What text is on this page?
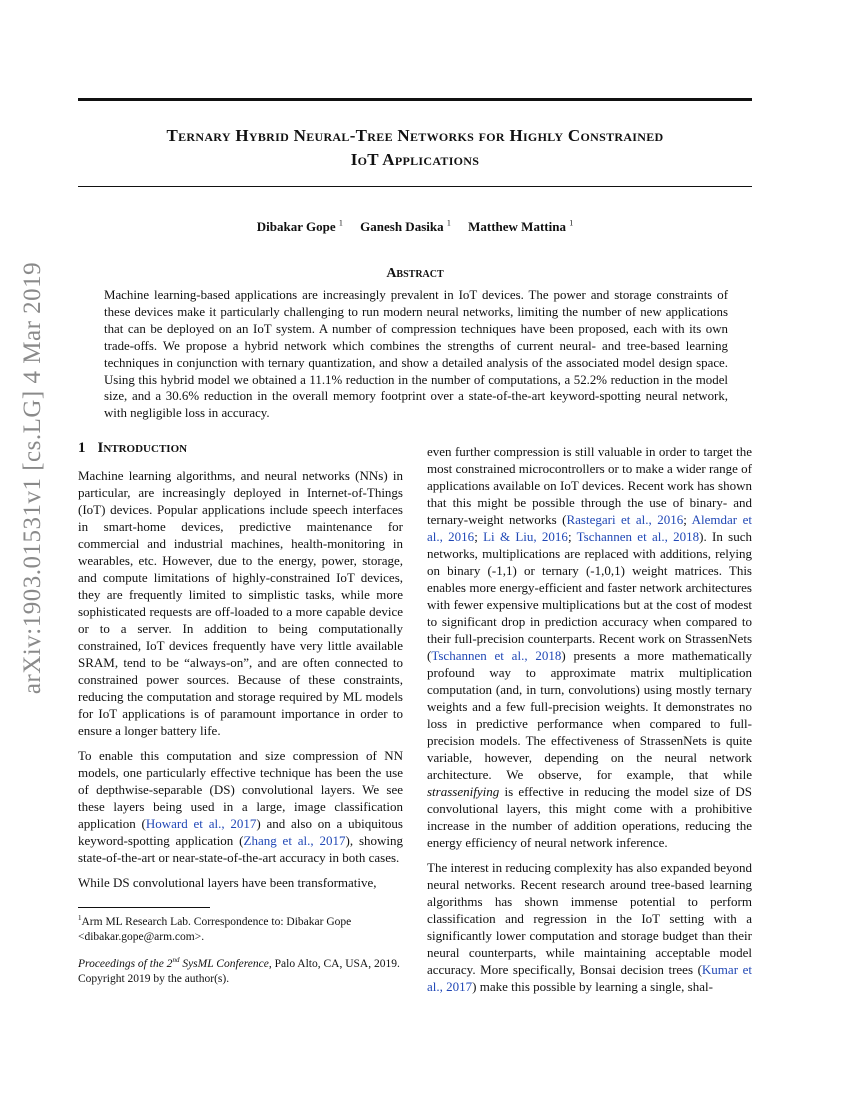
Ternary Hybrid Neural-Tree Networks for Highly Constrained
IoT Applications
Dibakar Gope $^1$ Ganesh Dasika $^1$ Matthew Mattina $^1$
arXiv:1903.01531v1 [cs.LG] 4 Mar 2019	Abstract
Machine learning-based applications are increasingly prevalent in IoT devices. The power and storage constraints of these devices make it particularly challenging to run modern neural networks, limiting the number of new applications that can be deployed on an IoT system. A number of compression techniques have been proposed, each with its own trade-offs. We propose a hybrid network which combines the strengths of current neural- and tree-based learning techniques in conjunction with ternary quantization, and show a detailed analysis of the associated model design space. Using this hybrid model we obtained a 11.1% reduction in the number of computations, a 52.2% reduction in the model size, and a 30.6% reduction in the overall memory footprint over a state-of-the-art keyword-spotting neural network, with negligible loss in accuracy.
1 Introduction

Machine learning algorithms, and neural networks (NNs) in particular, are increasingly deployed in Internet-of-Things (IoT) devices. Popular applications include speech interfaces in smart-home devices, predictive maintenance for commercial and industrial machines, health-monitoring in wearables, etc. However, due to the energy, power, storage, and compute limitations of highly-constrained IoT devices, they are frequently limited to simplistic tasks, while more sophisticated requests are off-loaded to a more capable device or to a server. In addition to being computationally constrained, IoT devices frequently have very little available SRAM, tend to be “always-on”, and are often connected to constrained power sources. Because of these constraints, reducing the computation and storage required by ML models for IoT applications is of paramount importance in order to ensure a longer battery life.

To enable this computation and size compression of NN models, one particularly effective technique has been the use of depthwise-separable (DS) convolutional layers. We see these layers being used in a large, image classification application (Howard et al., 2017) and also on a ubiquitous keyword-spotting application (Zhang et al., 2017), showing state-of-the-art or near-state-of-the-art accuracy in both cases.

While DS convolutional layers have been transformative,

even further compression is still valuable in order to target the most constrained microcontrollers or to make a wider range of applications available on IoT devices. Recent work has shown that this might be possible through the use of binary- and ternary-weight networks (Rastegari et al., 2016; Alemdar et al., 2016; Li & Liu, 2016; Tschannen et al., 2018). In such networks, multiplications are replaced with additions, relying on binary (-1,1) or ternary (-1,0,1) weight matrices. This enables more energy-efficient and faster network architectures with fewer expensive multiplications but at the cost of modest to significant drop in prediction accuracy when compared to their full-precision counterparts. Recent work on StrassenNets (Tschannen et al., 2018) presents a more mathematically profound way to approximate matrix multiplication computation (and, in turn, convolutions) using mostly ternary weights and a few full-precision weights. It demonstrates no loss in predictive performance when compared to full-precision models. The effectiveness of StrassenNets is quite variable, however, depending on the neural network architecture. We observe, for example, that while strassenifying is effective in reducing the model size of DS convolutional layers, this might come with a prohibitive increase in the number of addition operations, reducing the energy efficiency of neural network inference.

The interest in reducing complexity has also expanded beyond neural networks. Recent research around tree-based learning algorithms has shown immense potential to perform classification and regression in the IoT setting with a significantly lower computation and storage budget than their neural counterparts, while maintaining acceptable model accuracy. More specifically, Bonsai decision trees (Kumar et al., 2017) make this possible by learning a single, shal-

$^1$Arm ML Research Lab. Correspondence to: Dibakar Gope <dibakar.gope@arm.com>.
Proceedings of the 2nd SysML Conference, Palo Alto, CA, USA, 2019. Copyright 2019 by the author(s).
